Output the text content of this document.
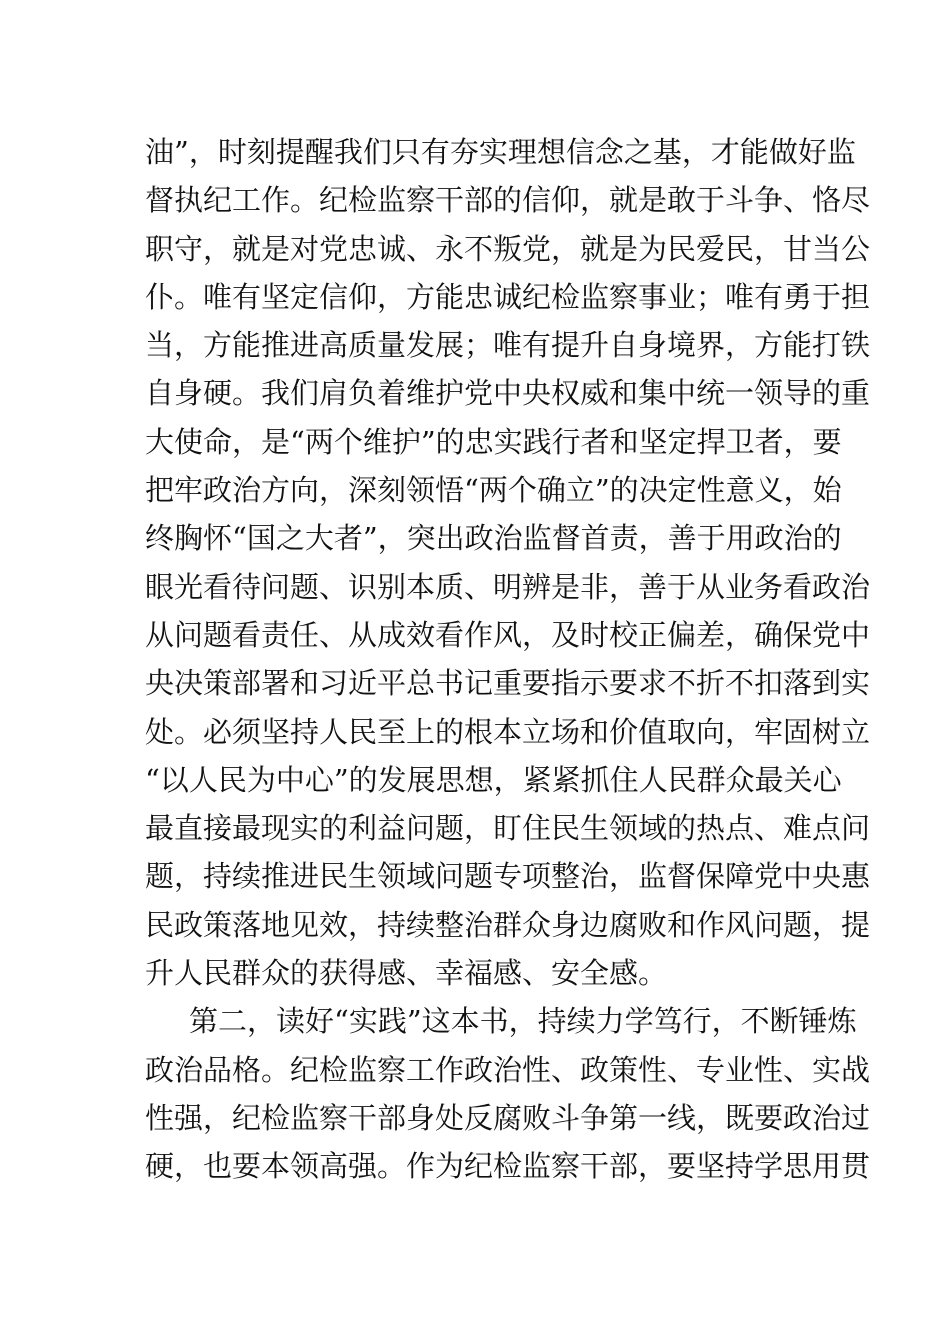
油”，时刻提醒我们只有夯实理想信念之基，才能做好监
督执纪工作。纪检监察干部的信仰，就是敢于斗争、恪尽
职守，就是对党忠诚、永不叛党，就是为民爱民，甘当公
仆。唯有坚定信仰，方能忠诚纪检监察事业；唯有勇于担
当，方能推进高质量发展；唯有提升自身境界，方能打铁
自身硬。我们肩负着维护党中央权威和集中统一领导的重
大使命，是“两个维护”的忠实践行者和坚定捍卫者，要
把牢政治方向，深刻领悟“两个确立”的决定性意义，始
终胸怀“国之大者”，突出政治监督首责，善于用政治的
眼光看待问题、识别本质、明辨是非，善于从业务看政治
从问题看责任、从成效看作风，及时校正偏差，确保党中
央决策部署和习近平总书记重要指示要求不折不扣落到实
处。必须坚持人民至上的根本立场和价值取向，牢固树立
“以人民为中心”的发展思想，紧紧抓住人民群众最关心
最直接最现实的利益问题，盯住民生领域的热点、难点问
题，持续推进民生领域问题专项整治，监督保障党中央惠
民政策落地见效，持续整治群众身边腐败和作风问题，提
升人民群众的获得感、幸福感、安全感。
第二，读好“实践”这本书，持续力学笃行，不断锤炼
政治品格。纪检监察工作政治性、政策性、专业性、实战
性强，纪检监察干部身处反腐败斗争第一线，既要政治过
硬，也要本领高强。作为纪检监察干部，要坚持学思用贯
